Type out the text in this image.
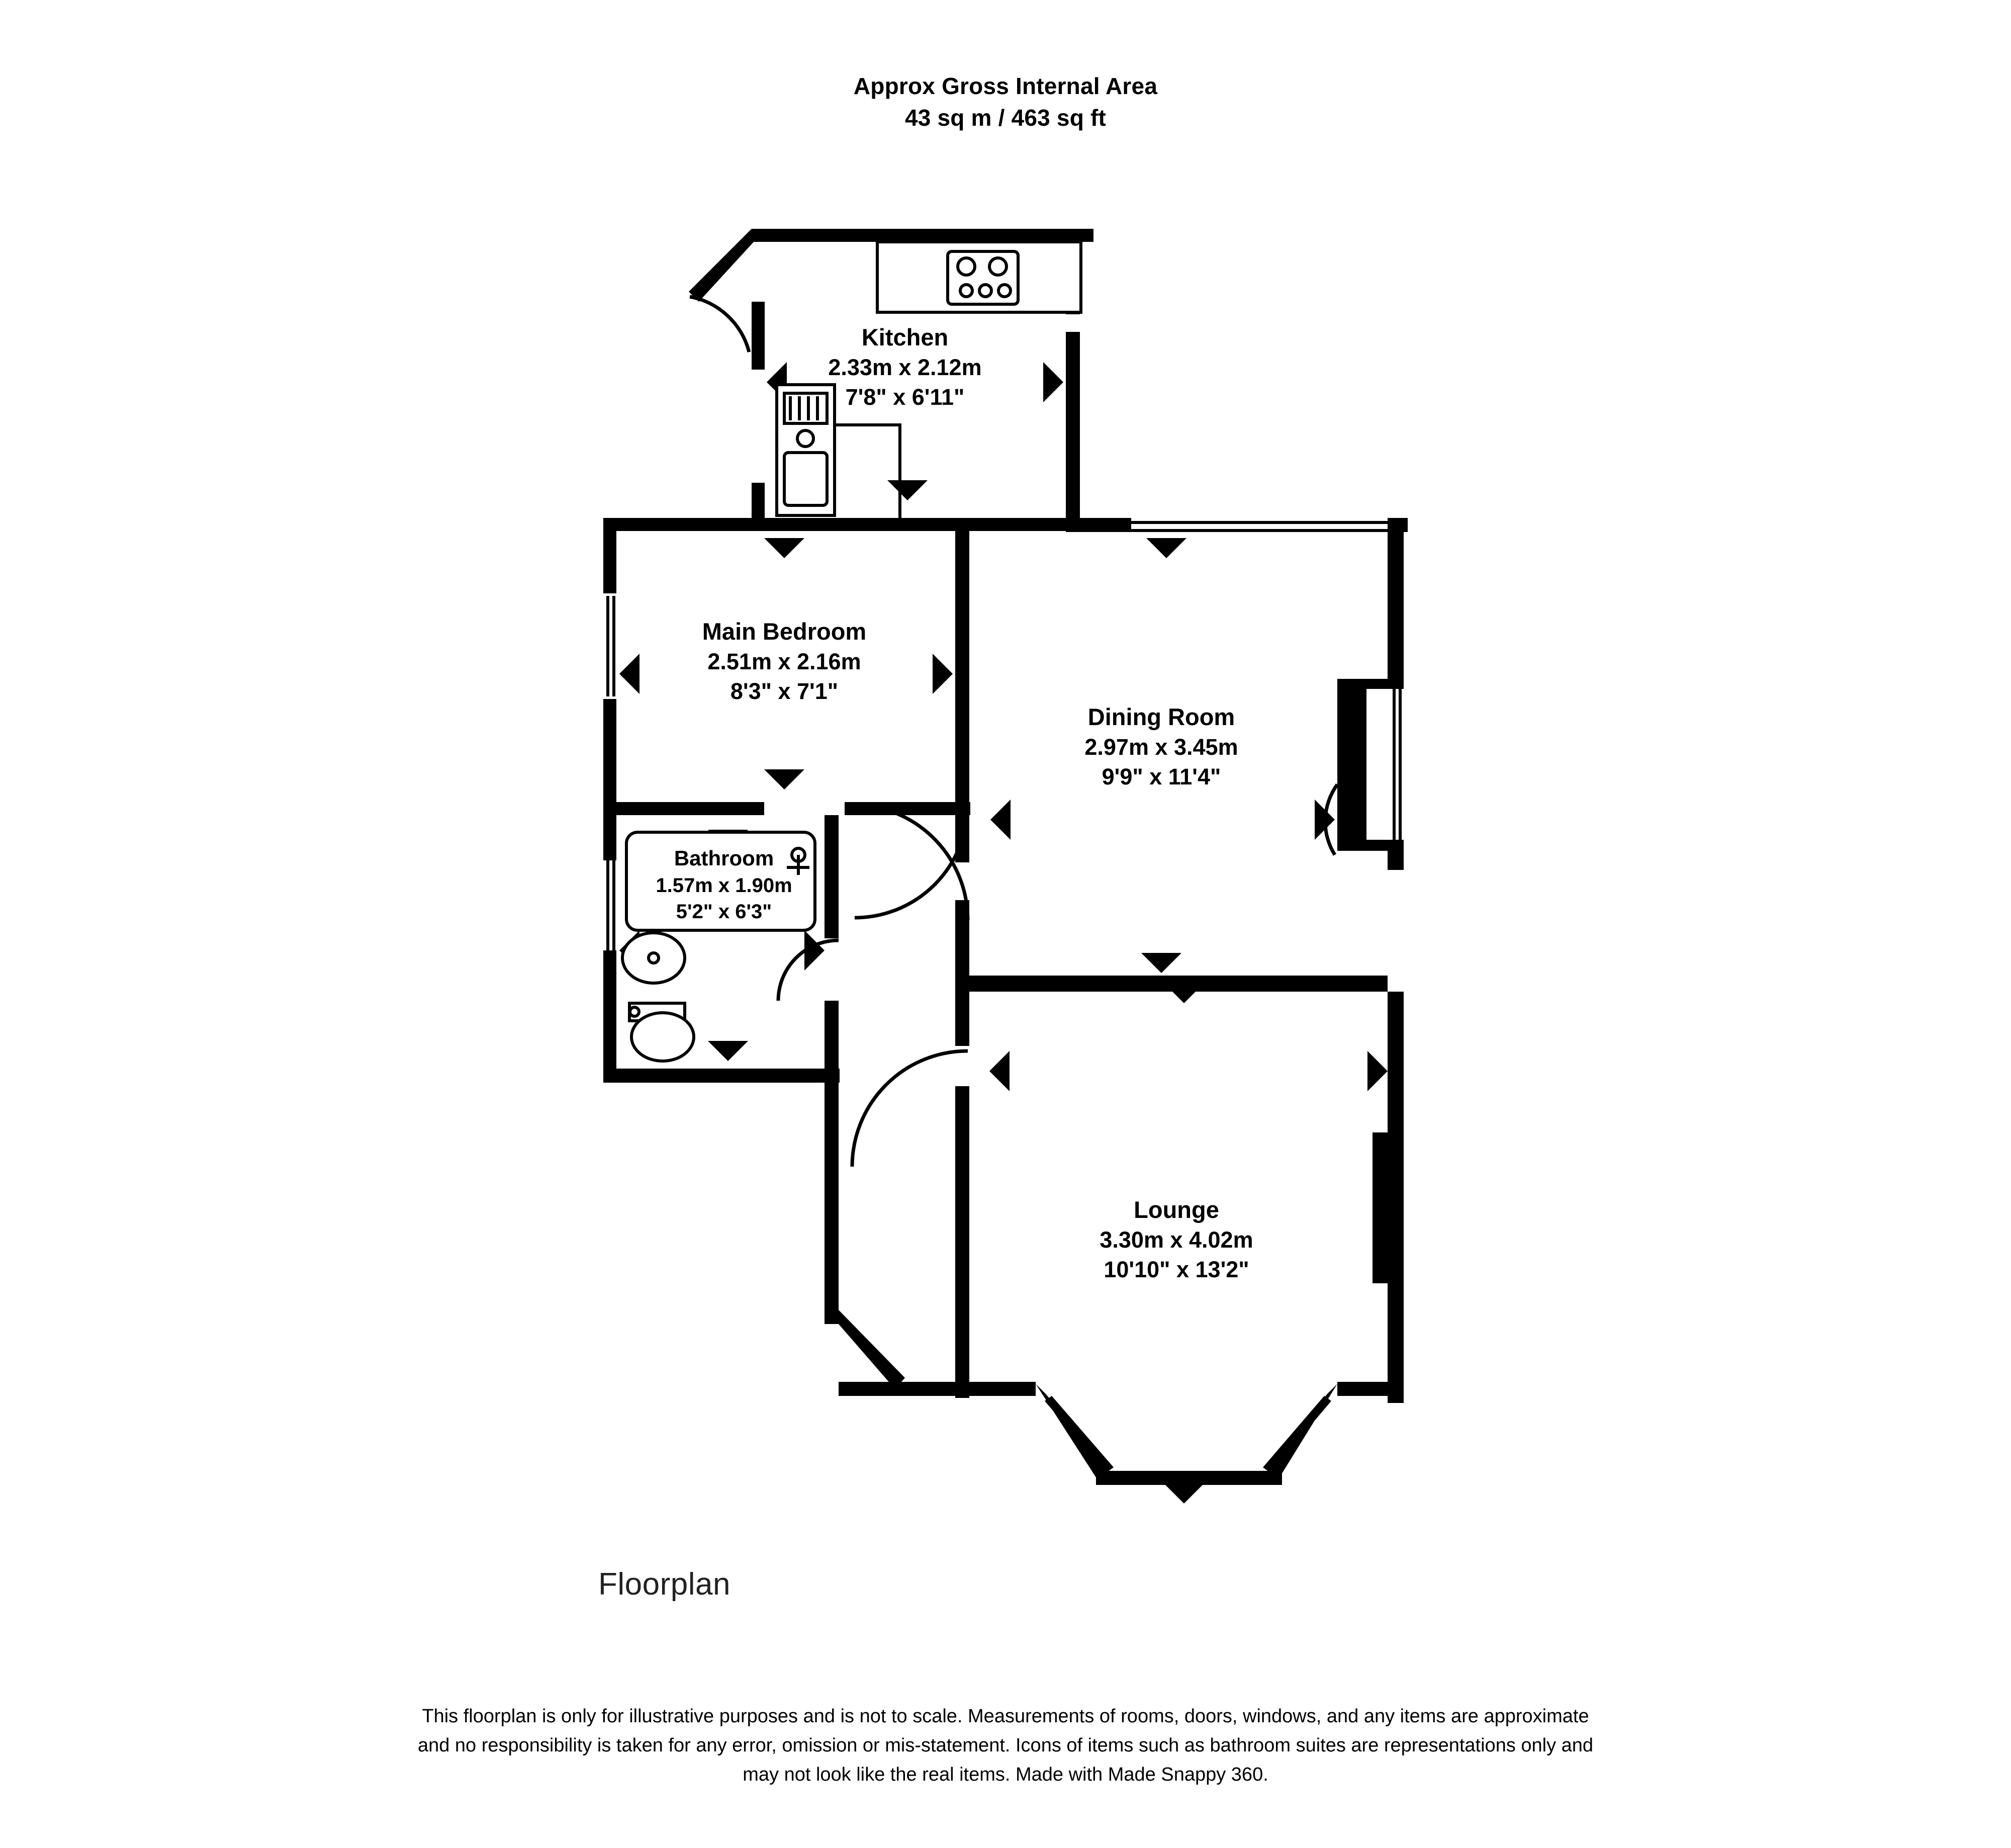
Approx Gross Internal Area
43 sq m / 463 sq ft
Kitchen
2.33m x 2.12m
7'8" x 6'11"
Main Bedroom
2.51m x 2.16m
8'3" x 7'1"
Bathroom
1.57m x 1.90m
5'2" x 6'3"
Dining Room
2.97m x 3.45m
9'9" x 11'4"
Lounge
3.30m x 4.02m
10'10" x 13'2"
Floorplan
This floorplan is only for illustrative purposes and is not to scale. Measurements of rooms, doors, windows, and any items are approximate
and no responsibility is taken for any error, omission or mis-statement. Icons of items such as bathroom suites are representations only and
may not look like the real items. Made with Made Snappy 360.
